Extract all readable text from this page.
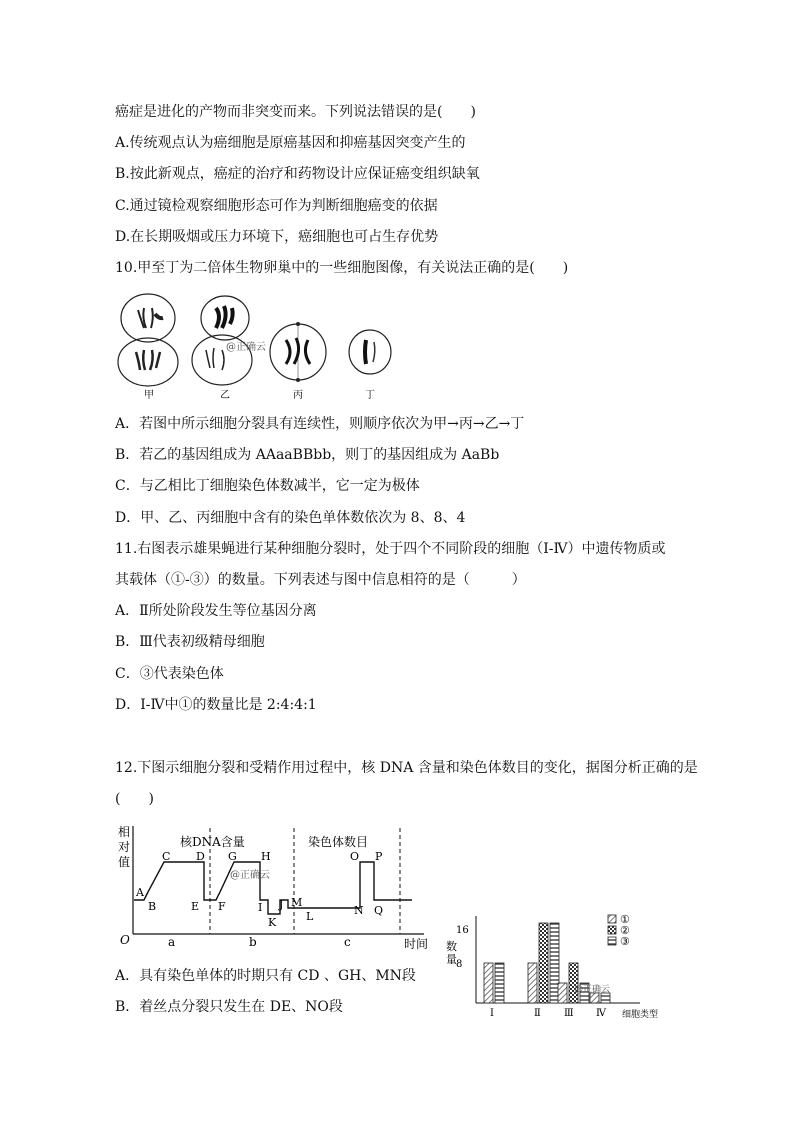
癌症是进化的产物而非突变而来。下列说法错误的是(　　)
A.传统观点认为癌细胞是原癌基因和抑癌基因突变产生的
B.按此新观点，癌症的治疗和药物设计应保证癌变组织缺氧
C.通过镜检观察细胞形态可作为判断细胞癌变的依据
D.在长期吸烟或压力环境下，癌细胞也可占生存优势
10.甲至丁为二倍体生物卵巢中的一些细胞图像，有关说法正确的是(　　)
@正确云
甲	乙	丙	丁
A．若图中所示细胞分裂具有连续性，则顺序依次为甲→丙→乙→丁
B．若乙的基因组成为 AAaaBBbb，则丁的基因组成为 AaBb
C．与乙相比丁细胞染色体数减半，它一定为极体
D．甲、乙、丙细胞中含有的染色单体数依次为 8、8、4
11.右图表示雄果蝇进行某种细胞分裂时，处于四个不同阶段的细胞（Ⅰ-Ⅳ）中遗传物质或
其载体（①-③）的数量。下列表述与图中信息相符的是（　　　）
A．Ⅱ所处阶段发生等位基因分离
B．Ⅲ代表初级精母细胞
C．③代表染色体
D．Ⅰ-Ⅳ中①的数量比是 2:4:4:1
12.下图示细胞分裂和受精作用过程中，核 DNA 含量和染色体数目的变化，据图分析正确的是
(　　)
相
对
值
O	时间
核DNA含量	染色体数目
A
B
C D
E F
G H
I J
K
M
L	N
O P
Q
@正确云
a	b	c
A．具有染色单体的时期只有 CD 、GH、MN段
B．着丝点分裂只发生在 DE、NO段
数
量 8
16
Ⅰ	Ⅱ Ⅲ Ⅳ 细胞类型
@正确云
①
②
③
